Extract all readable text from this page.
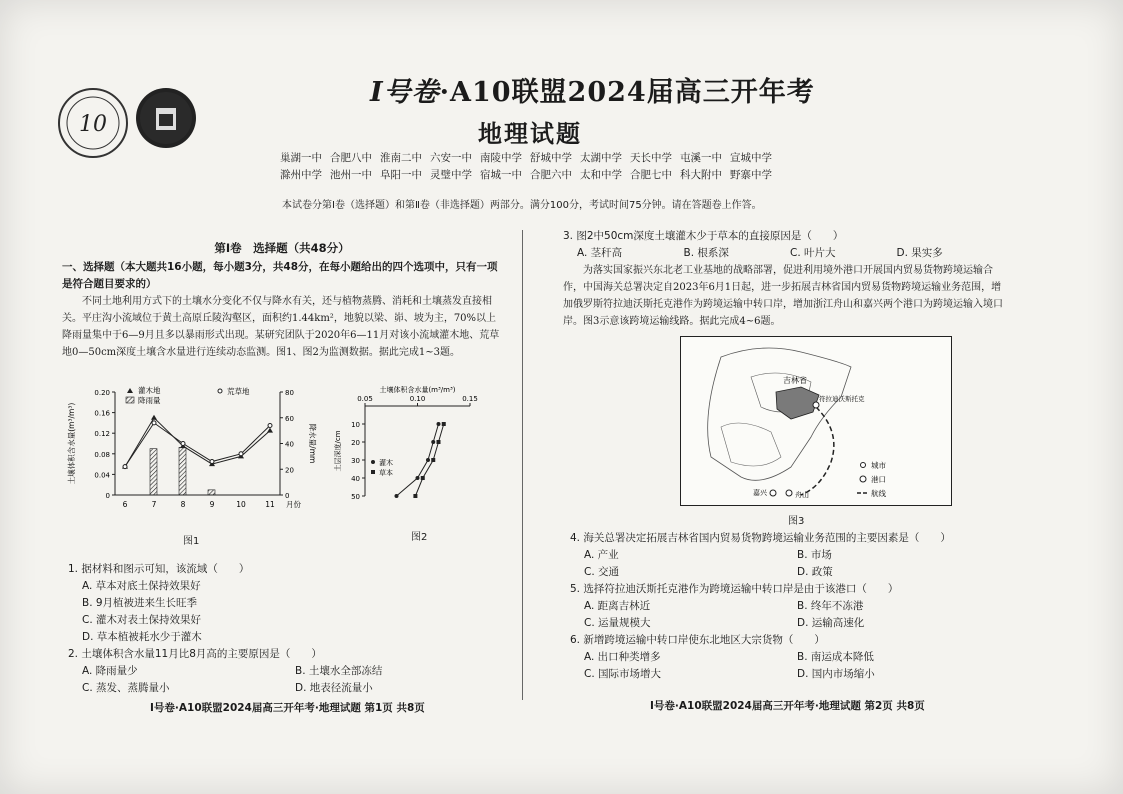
10
Ⅰ号卷·A10联盟2024届高三开年考
地理试题
巢湖一中 合肥八中 淮南二中 六安一中 南陵中学 舒城中学 太湖中学 天长中学 屯溪一中 宣城中学
滁州中学 池州一中 阜阳一中 灵璧中学 宿城一中 合肥六中 太和中学 合肥七中 科大附中 野寨中学
本试卷分第Ⅰ卷（选择题）和第Ⅱ卷（非选择题）两部分。满分100分，考试时间75分钟。请在答题卷上作答。
第Ⅰ卷　选择题（共48分）

一、选择题（本大题共16小题，每小题3分，共48分，在每小题给出的四个选项中，只有一项是符合题目要求的）

不同土地利用方式下的土壤水分变化不仅与降水有关，还与植物蒸腾、消耗和土壤蒸发直接相关。平庄沟小流域位于黄土高原丘陵沟壑区，面积约1.44km²，地貌以梁、峁、坡为主，70%以上降雨量集中于6—9月且多以暴雨形式出现。某研究团队于2020年6—11月对该小流域灌木地、荒草地0—50cm深度土壤含水量进行连续动态监测。图1、图2为监测数据。据此完成1~3题。

0
0.04
0.08
0.12
0.16
0.20
0
20
40
60
80
6	7	8	9	10	11 月份
土壤体积含水量(m³/m³)	降水量/mm
灌木地
降雨量
荒草地
图1
土壤体积含水量(m³/m³)
0.05	0.10	0.15
10
20
30
40
50
土层深度/cm	灌木
草本
图2

1. 据材料和图示可知，该流域（　　）

A. 草本对底土保持效果好
B. 9月植被进来生长旺季
C. 灌木对表土保持效果好
D. 草本植被耗水少于灌木

2. 土壤体积含水量11月比8月高的主要原因是（　　）

A. 降雨量少	B. 土壤水全部冻结
C. 蒸发、蒸腾量小	D. 地表径流量小
Ⅰ号卷·A10联盟2024届高三开年考·地理试题 第1页 共8页

3. 图2中50cm深度土壤灌木少于草本的直接原因是（　　）

A. 茎秆高	B. 根系深	C. 叶片大	D. 果实多

为落实国家振兴东北老工业基地的战略部署，促进利用境外港口开展国内贸易货物跨境运输合作，中国海关总署决定自2023年6月1日起，进一步拓展吉林省国内贸易货物跨境运输业务范围，增加俄罗斯符拉迪沃斯托克港作为跨境运输中转口岸，增加浙江舟山和嘉兴两个港口为跨境运输入境口岸。图3示意该跨境运输线路。据此完成4~6题。

吉林省
符拉迪沃斯托克
嘉兴	舟山
城市
港口
航线
图3

4. 海关总署决定拓展吉林省国内贸易货物跨境运输业务范围的主要因素是（　　）

A. 产业	B. 市场
C. 交通	D. 政策

5. 选择符拉迪沃斯托克港作为跨境运输中转口岸是由于该港口（　　）

A. 距离吉林近	B. 终年不冻港
C. 运量规模大	D. 运输高速化

6. 新增跨境运输中转口岸使东北地区大宗货物（　　）

A. 出口种类增多	B. 南运成本降低
C. 国际市场增大	D. 国内市场缩小
Ⅰ号卷·A10联盟2024届高三开年考·地理试题 第2页 共8页
